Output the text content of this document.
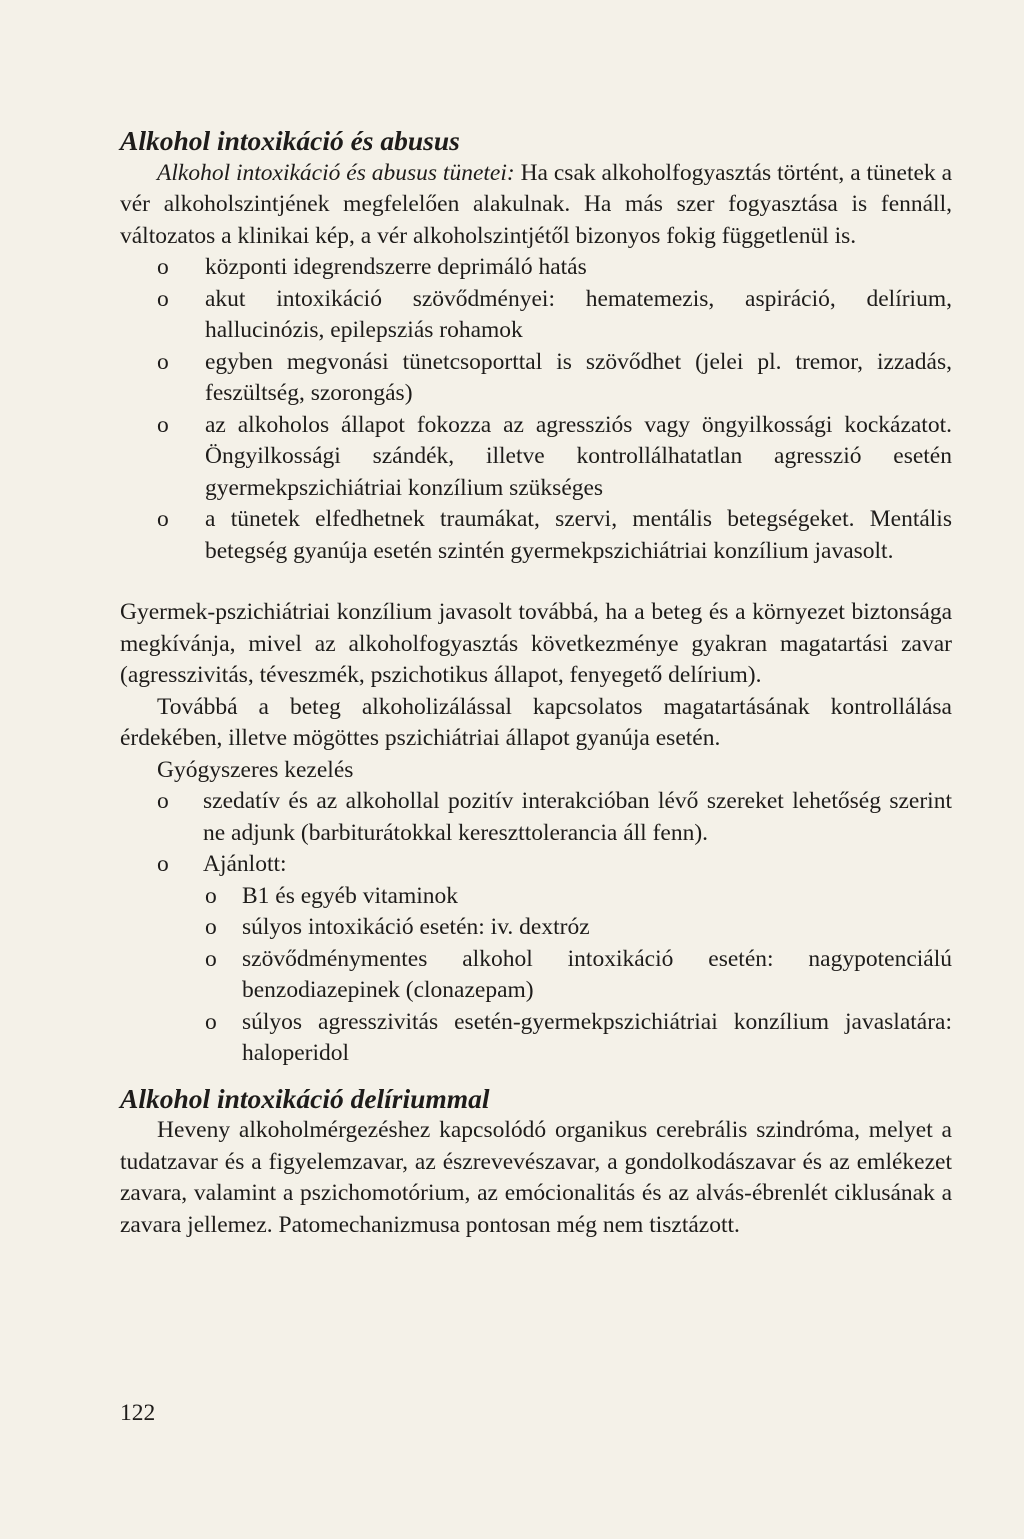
Alkohol intoxikáció és abusus

Alkohol intoxikáció és abusus tünetei: Ha csak alkoholfogyasztás történt, a tünetek a vér alkoholszintjének megfelelően alakulnak. Ha más szer fogyasztása is fennáll, változatos a klinikai kép, a vér alkoholszintjétől bizonyos fokig függetlenül is.

o központi idegrendszerre deprimáló hatás
o akut intoxikáció szövődményei: hematemezis, aspiráció, delírium, hallucinózis, epilepsziás rohamok
o egyben megvonási tünetcsoporttal is szövődhet (jelei pl. tremor, izzadás, feszültség, szorongás)
o az alkoholos állapot fokozza az agressziós vagy öngyilkossági kockázatot. Öngyilkossági szándék, illetve kontrollálhatatlan agresszió esetén gyermekpszichiátriai konzílium szükséges
o a tünetek elfedhetnek traumákat, szervi, mentális betegségeket. Mentális betegség gyanúja esetén szintén gyermekpszichiátriai konzílium javasolt.

Gyermek-pszichiátriai konzílium javasolt továbbá, ha a beteg és a környezet biztonsága megkívánja, mivel az alkoholfogyasztás következménye gyakran magatartási zavar (agresszivitás, téveszmék, pszichotikus állapot, fenyegető delírium).

Továbbá a beteg alkoholizálással kapcsolatos magatartásának kontrollálása érdekében, illetve mögöttes pszichiátriai állapot gyanúja esetén.

Gyógyszeres kezelés

o szedatív és az alkohollal pozitív interakcióban lévő szereket lehetőség szerint ne adjunk (barbiturátokkal kereszttolerancia áll fenn).
o Ajánlott:
o B1 és egyéb vitaminok
o súlyos intoxikáció esetén: iv. dextróz
o szövődménymentes alkohol intoxikáció esetén: nagypotenciálú benzodiazepinek (clonazepam)
o súlyos agresszivitás esetén-gyermekpszichiátriai konzílium javaslatára: haloperidol
Alkohol intoxikáció delíriummal

Heveny alkoholmérgezéshez kapcsolódó organikus cerebrális szindróma, melyet a tudatzavar és a figyelemzavar, az észrevevészavar, a gondolkodászavar és az emlékezet zavara, valamint a pszichomotórium, az emócionalitás és az alvás-ébrenlét ciklusának a zavara jellemez. Patomechanizmusa pontosan még nem tisztázott.

122
